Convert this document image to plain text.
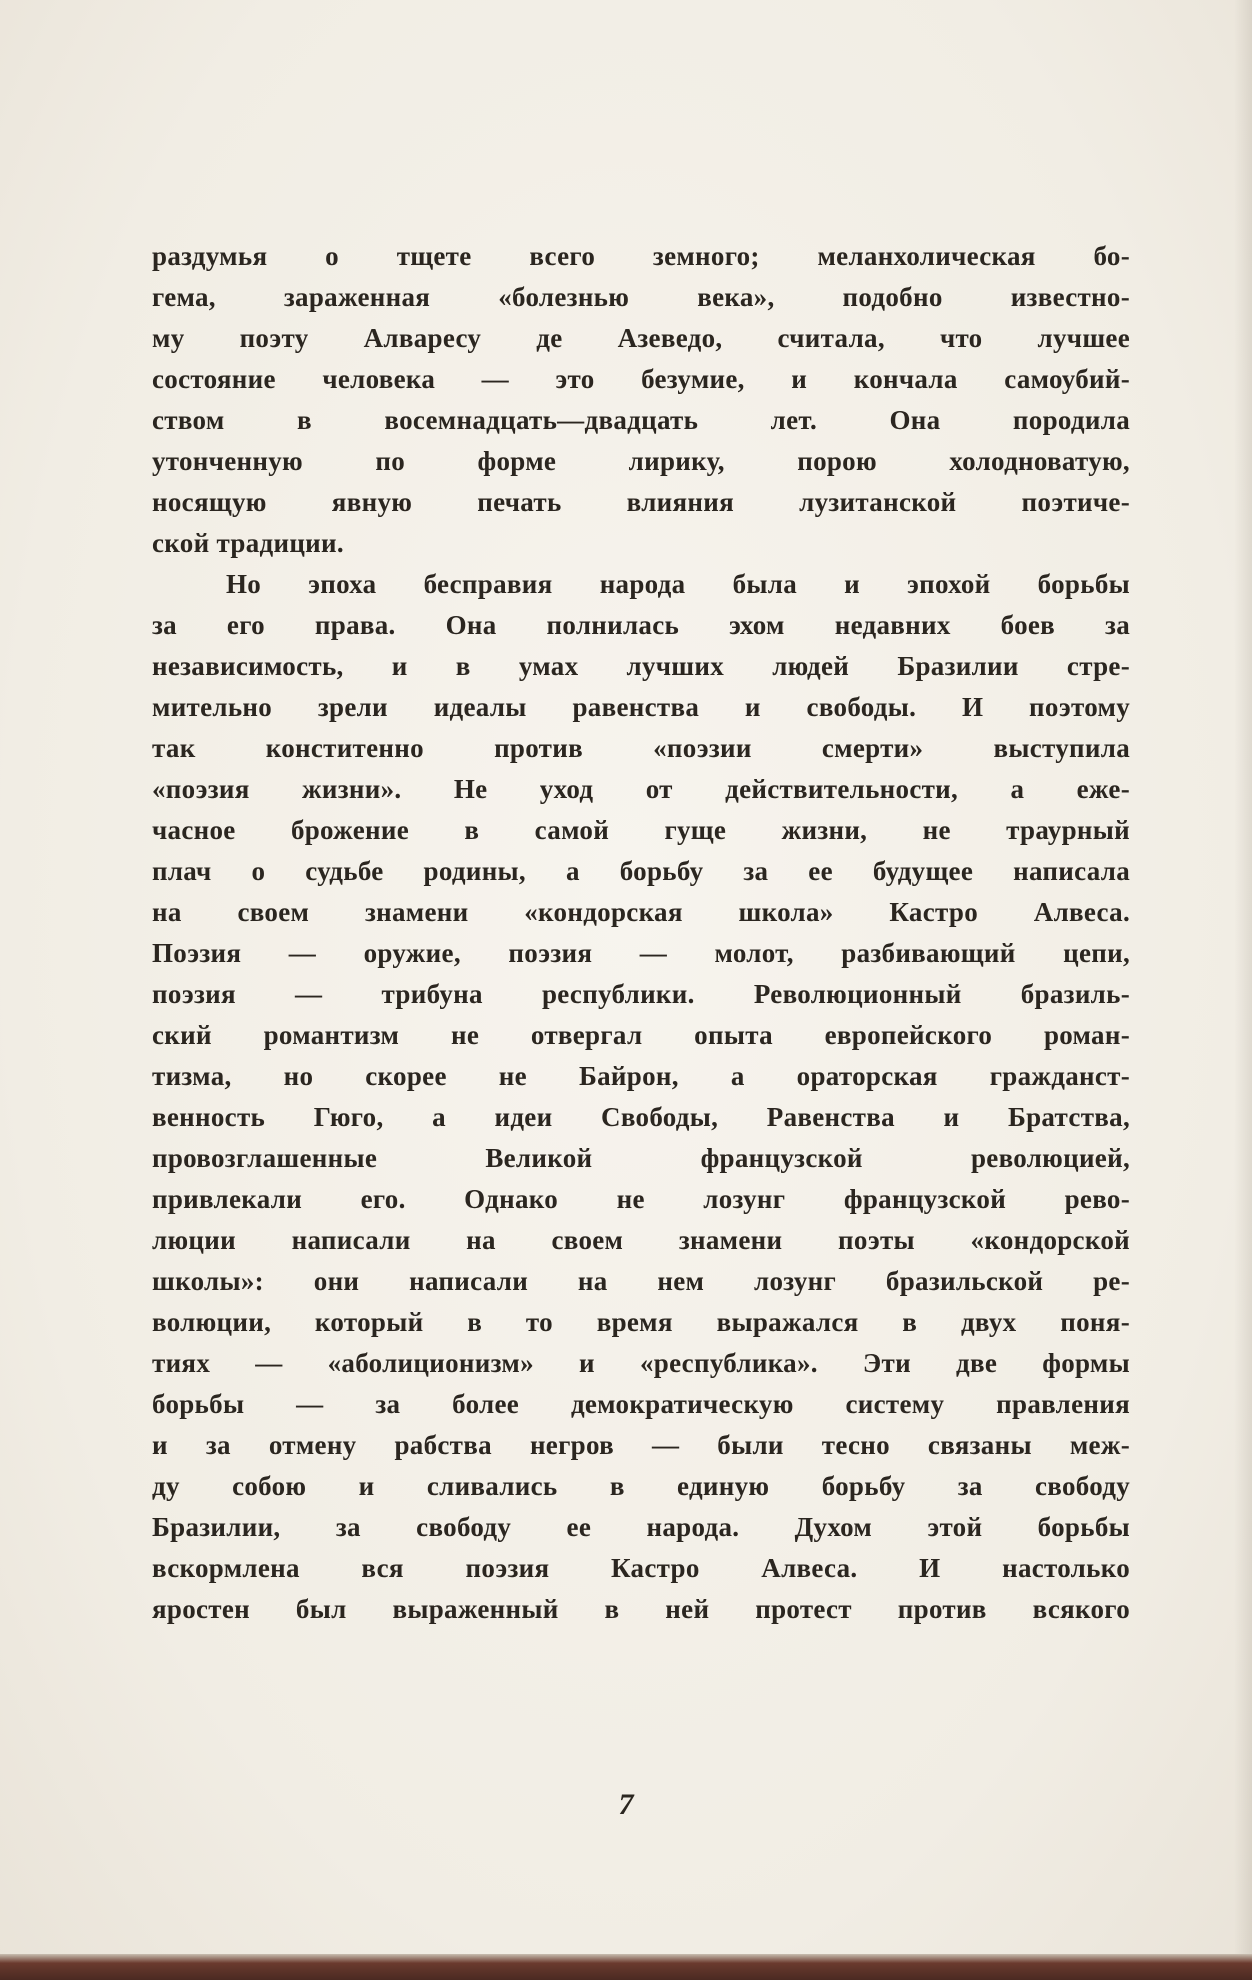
раздумья о тщете всего земного; меланхолическая бо-
гема, зараженная «болезнью века», подобно известно-
му поэту Алваресу де Азеведо, считала, что лучшее
состояние человека — это безумие, и кончала самоубий-
ством в восемнадцать—двадцать лет. Она породила
утонченную по форме лирику, порою холодноватую,
носящую явную печать влияния лузитанской поэтиче-
ской традиции.
Но эпоха бесправия народа была и эпохой борьбы
за его права. Она полнилась эхом недавних боев за
независимость, и в умах лучших людей Бразилии стре-
мительно зрели идеалы равенства и свободы. И поэтому
так конститенно против «поэзии смерти» выступила
«поэзия жизни». Не уход от действительности, а еже-
часное брожение в самой гуще жизни, не траурный
плач о судьбе родины, а борьбу за ее будущее написала
на своем знамени «кондорская школа» Кастро Алвеса.
Поэзия — оружие, поэзия — молот, разбивающий цепи,
поэзия — трибуна республики. Революционный бразиль-
ский романтизм не отвергал опыта европейского роман-
тизма, но скорее не Байрон, а ораторская гражданст-
венность Гюго, а идеи Свободы, Равенства и Братства,
провозглашенные Великой французской революцией,
привлекали его. Однако не лозунг французской рево-
люции написали на своем знамени поэты «кондорской
школы»: они написали на нем лозунг бразильской ре-
волюции, который в то время выражался в двух поня-
тиях — «аболиционизм» и «республика». Эти две формы
борьбы — за более демократическую систему правления
и за отмену рабства негров — были тесно связаны меж-
ду собою и сливались в единую борьбу за свободу
Бразилии, за свободу ее народа. Духом этой борьбы
вскормлена вся поэзия Кастро Алвеса. И настолько
яростен был выраженный в ней протест против всякого
7
